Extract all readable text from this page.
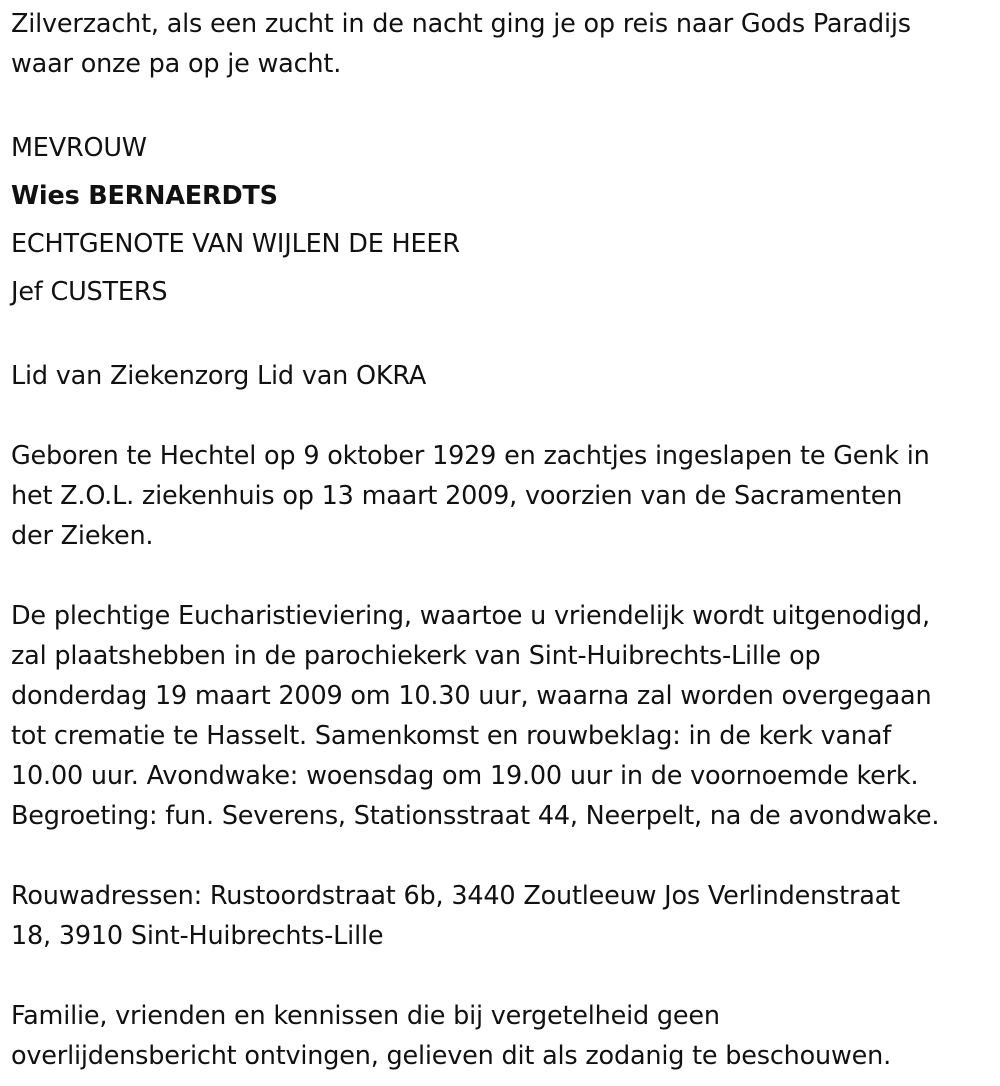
Zilverzacht, als een zucht in de nacht ging je op reis naar Gods Paradijs
waar onze pa op je wacht.

MEVROUW

Wies BERNAERDTS

ECHTGENOTE VAN WIJLEN DE HEER

Jef CUSTERS

Lid van Ziekenzorg Lid van OKRA

Geboren te Hechtel op 9 oktober 1929 en zachtjes ingeslapen te Genk in
het Z.O.L. ziekenhuis op 13 maart 2009, voorzien van de Sacramenten
der Zieken.

De plechtige Eucharistieviering, waartoe u vriendelijk wordt uitgenodigd,
zal plaatshebben in de parochiekerk van Sint-Huibrechts-Lille op
donderdag 19 maart 2009 om 10.30 uur, waarna zal worden overgegaan
tot crematie te Hasselt. Samenkomst en rouwbeklag: in de kerk vanaf
10.00 uur. Avondwake: woensdag om 19.00 uur in de voornoemde kerk.
Begroeting: fun. Severens, Stationsstraat 44, Neerpelt, na de avondwake.

Rouwadressen: Rustoordstraat 6b, 3440 Zoutleeuw Jos Verlindenstraat
18, 3910 Sint-Huibrechts-Lille

Familie, vrienden en kennissen die bij vergetelheid geen
overlijdensbericht ontvingen, gelieven dit als zodanig te beschouwen.
